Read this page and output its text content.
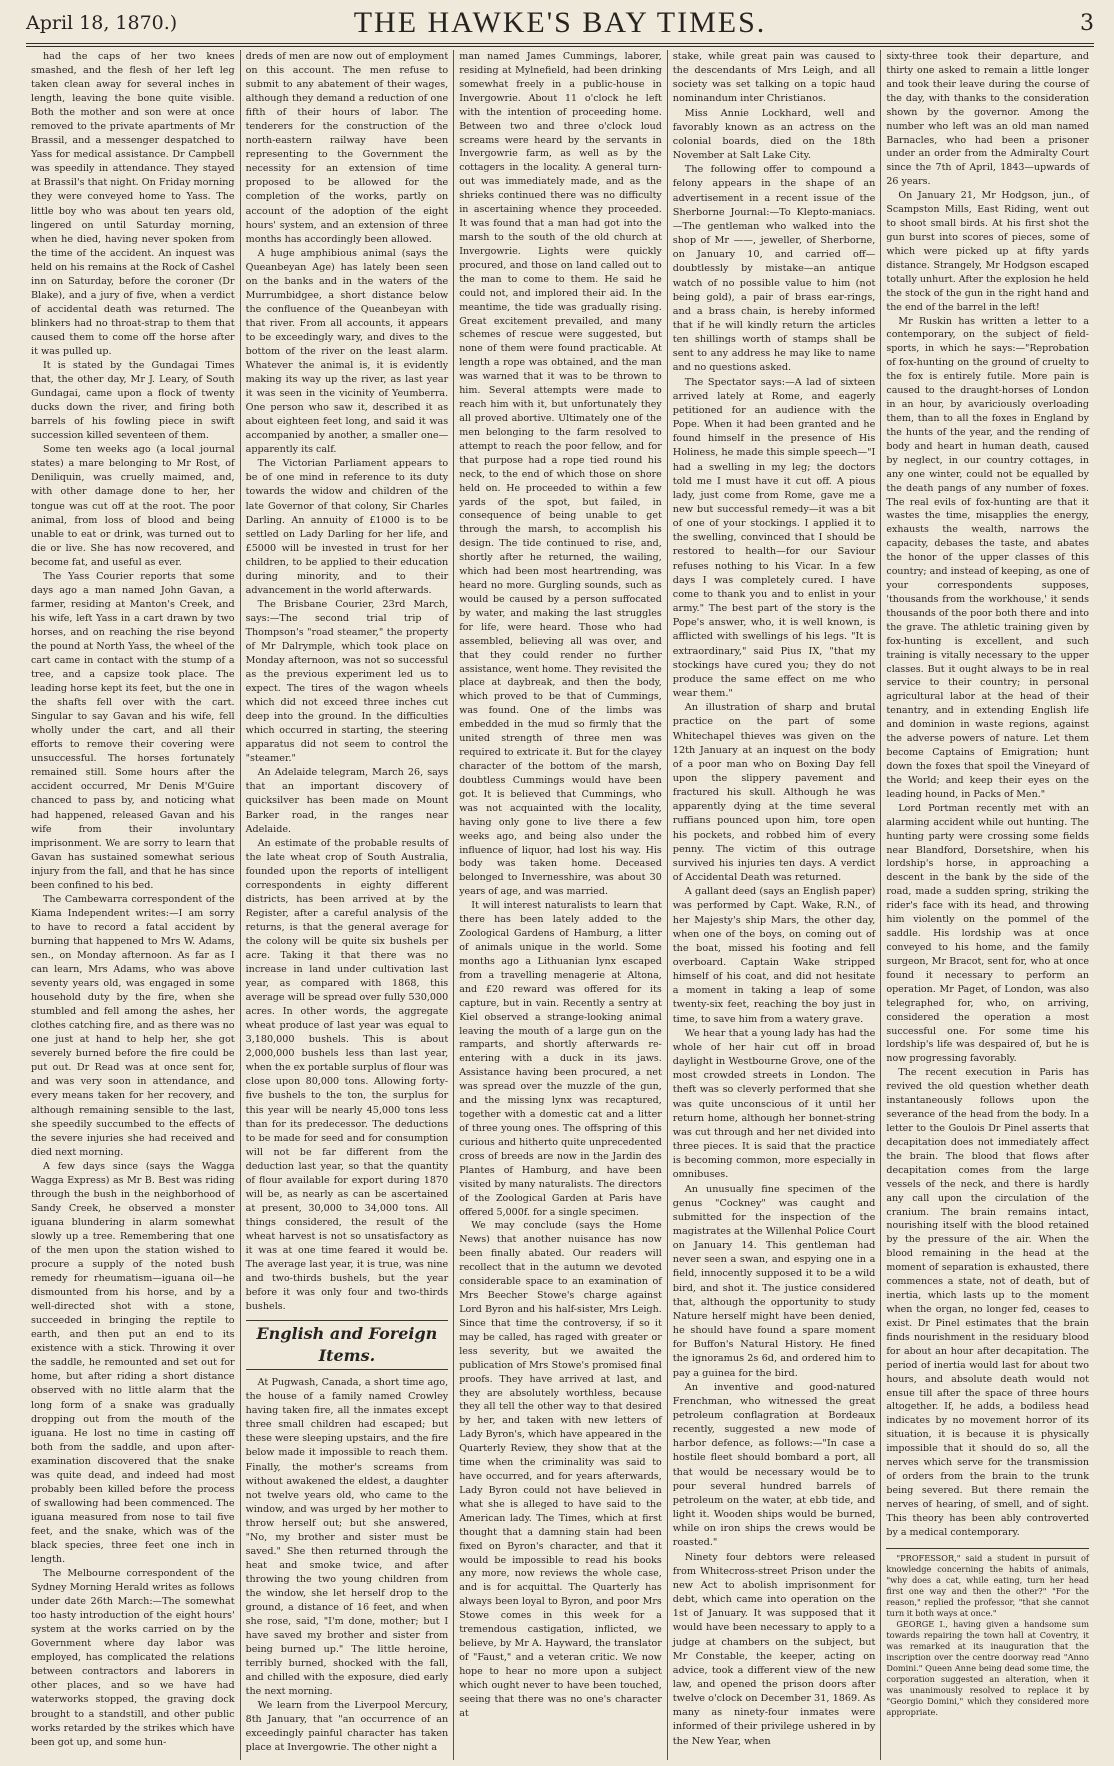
April 18, 1870.)	THE HAWKE'S BAY TIMES.	3

had the caps of her two knees smashed, and the flesh of her left leg taken clean away for several inches in length, leaving the bone quite visible. Both the mother and son were at once removed to the private apartments of Mr Brassil, and a messenger despatched to Yass for medical assistance. Dr Campbell was speedily in attendance. They stayed at Brassil's that night. On Friday morning they were conveyed home to Yass. The little boy who was about ten years old, lingered on until Saturday morning, when he died, having never spoken from the time of the accident. An inquest was held on his remains at the Rock of Cashel inn on Saturday, before the coroner (Dr Blake), and a jury of five, when a verdict of accidental death was returned. The blinkers had no throat-strap to them that caused them to come off the horse after it was pulled up.

It is stated by the Gundagai Times that, the other day, Mr J. Leary, of South Gundagai, came upon a flock of twenty ducks down the river, and firing both barrels of his fowling piece in swift succession killed seventeen of them.

Some ten weeks ago (a local journal states) a mare belonging to Mr Rost, of Deniliquin, was cruelly maimed, and, with other damage done to her, her tongue was cut off at the root. The poor animal, from loss of blood and being unable to eat or drink, was turned out to die or live. She has now recovered, and become fat, and useful as ever.

The Yass Courier reports that some days ago a man named John Gavan, a farmer, residing at Manton's Creek, and his wife, left Yass in a cart drawn by two horses, and on reaching the rise beyond the pound at North Yass, the wheel of the cart came in contact with the stump of a tree, and a capsize took place. The leading horse kept its feet, but the one in the shafts fell over with the cart. Singular to say Gavan and his wife, fell wholly under the cart, and all their efforts to remove their covering were unsuccessful. The horses fortunately remained still. Some hours after the accident occurred, Mr Denis M'Guire chanced to pass by, and noticing what had happened, released Gavan and his wife from their involuntary imprisonment. We are sorry to learn that Gavan has sustained somewhat serious injury from the fall, and that he has since been confined to his bed.

The Cambewarra correspondent of the Kiama Independent writes:—I am sorry to have to record a fatal accident by burning that happened to Mrs W. Adams, sen., on Monday afternoon. As far as I can learn, Mrs Adams, who was above seventy years old, was engaged in some household duty by the fire, when she stumbled and fell among the ashes, her clothes catching fire, and as there was no one just at hand to help her, she got severely burned before the fire could be put out. Dr Read was at once sent for, and was very soon in attendance, and every means taken for her recovery, and although remaining sensible to the last, she speedily succumbed to the effects of the severe injuries she had received and died next morning.

A few days since (says the Wagga Wagga Express) as Mr B. Best was riding through the bush in the neighborhood of Sandy Creek, he observed a monster iguana blundering in alarm somewhat slowly up a tree. Remembering that one of the men upon the station wished to procure a supply of the noted bush remedy for rheumatism—iguana oil—he dismounted from his horse, and by a well-directed shot with a stone, succeeded in bringing the reptile to earth, and then put an end to its existence with a stick. Throwing it over the saddle, he remounted and set out for home, but after riding a short distance observed with no little alarm that the long form of a snake was gradually dropping out from the mouth of the iguana. He lost no time in casting off both from the saddle, and upon after-examination discovered that the snake was quite dead, and indeed had most probably been killed before the process of swallowing had been commenced. The iguana measured from nose to tail five feet, and the snake, which was of the black species, three feet one inch in length.

The Melbourne correspondent of the Sydney Morning Herald writes as follows under date 26th March:—The somewhat too hasty introduction of the eight hours' system at the works carried on by the Government where day labor was employed, has complicated the relations between contractors and laborers in other places, and so we have had waterworks stopped, the graving dock brought to a standstill, and other public works retarded by the strikes which have been got up, and some hun-

dreds of men are now out of employment on this account. The men refuse to submit to any abatement of their wages, although they demand a reduction of one fifth of their hours of labor. The tenderers for the construction of the north-eastern railway have been representing to the Government the necessity for an extension of time proposed to be allowed for the completion of the works, partly on account of the adoption of the eight hours' system, and an extension of three months has accordingly been allowed.

A huge amphibious animal (says the Queanbeyan Age) has lately been seen on the banks and in the waters of the Murrumbidgee, a short distance below the confluence of the Queanbeyan with that river. From all accounts, it appears to be exceedingly wary, and dives to the bottom of the river on the least alarm. Whatever the animal is, it is evidently making its way up the river, as last year it was seen in the vicinity of Yeumberra. One person who saw it, described it as about eighteen feet long, and said it was accompanied by another, a smaller one—apparently its calf.

The Victorian Parliament appears to be of one mind in reference to its duty towards the widow and children of the late Governor of that colony, Sir Charles Darling. An annuity of £1000 is to be settled on Lady Darling for her life, and £5000 will be invested in trust for her children, to be applied to their education during minority, and to their advancement in the world afterwards.

The Brisbane Courier, 23rd March, says:—The second trial trip of Thompson's "road steamer," the property of Mr Dalrymple, which took place on Monday afternoon, was not so successful as the previous experiment led us to expect. The tires of the wagon wheels which did not exceed three inches cut deep into the ground. In the difficulties which occurred in starting, the steering apparatus did not seem to control the "steamer."

An Adelaide telegram, March 26, says that an important discovery of quicksilver has been made on Mount Barker road, in the ranges near Adelaide.

An estimate of the probable results of the late wheat crop of South Australia, founded upon the reports of intelligent correspondents in eighty different districts, has been arrived at by the Register, after a careful analysis of the returns, is that the general average for the colony will be quite six bushels per acre. Taking it that there was no increase in land under cultivation last year, as compared with 1868, this average will be spread over fully 530,000 acres. In other words, the aggregate wheat produce of last year was equal to 3,180,000 bushels. This is about 2,000,000 bushels less than last year, when the ex portable surplus of flour was close upon 80,000 tons. Allowing forty-five bushels to the ton, the surplus for this year will be nearly 45,000 tons less than for its predecessor. The deductions to be made for seed and for consumption will not be far different from the deduction last year, so that the quantity of flour available for export during 1870 will be, as nearly as can be ascertained at present, 30,000 to 34,000 tons. All things considered, the result of the wheat harvest is not so unsatisfactory as it was at one time feared it would be. The average last year, it is true, was nine and two-thirds bushels, but the year before it was only four and two-thirds bushels.

English and Foreign Items.

At Pugwash, Canada, a short time ago, the house of a family named Crowley having taken fire, all the inmates except three small children had escaped; but these were sleeping upstairs, and the fire below made it impossible to reach them. Finally, the mother's screams from without awakened the eldest, a daughter not twelve years old, who came to the window, and was urged by her mother to throw herself out; but she answered, "No, my brother and sister must be saved." She then returned through the heat and smoke twice, and after throwing the two young children from the window, she let herself drop to the ground, a distance of 16 feet, and when she rose, said, "I'm done, mother; but I have saved my brother and sister from being burned up." The little heroine, terribly burned, shocked with the fall, and chilled with the exposure, died early the next morning.

We learn from the Liverpool Mercury, 8th January, that "an occurrence of an exceedingly painful character has taken place at Invergowrie. The other night a

man named James Cummings, laborer, residing at Mylnefield, had been drinking somewhat freely in a public-house in Invergowrie. About 11 o'clock he left with the intention of proceeding home. Between two and three o'clock loud screams were heard by the servants in Invergowrie farm, as well as by the cottagers in the locality. A general turn-out was immediately made, and as the shrieks continued there was no difficulty in ascertaining whence they proceeded. It was found that a man had got into the marsh to the south of the old church at Invergowrie. Lights were quickly procured, and those on land called out to the man to come to them. He said he could not, and implored their aid. In the meantime, the tide was gradually rising. Great excitement prevailed, and many schemes of rescue were suggested, but none of them were found practicable. At length a rope was obtained, and the man was warned that it was to be thrown to him. Several attempts were made to reach him with it, but unfortunately they all proved abortive. Ultimately one of the men belonging to the farm resolved to attempt to reach the poor fellow, and for that purpose had a rope tied round his neck, to the end of which those on shore held on. He proceeded to within a few yards of the spot, but failed, in consequence of being unable to get through the marsh, to accomplish his design. The tide continued to rise, and, shortly after he returned, the wailing, which had been most heartrending, was heard no more. Gurgling sounds, such as would be caused by a person suffocated by water, and making the last struggles for life, were heard. Those who had assembled, believing all was over, and that they could render no further assistance, went home. They revisited the place at daybreak, and then the body, which proved to be that of Cummings, was found. One of the limbs was embedded in the mud so firmly that the united strength of three men was required to extricate it. But for the clayey character of the bottom of the marsh, doubtless Cummings would have been got. It is believed that Cummings, who was not acquainted with the locality, having only gone to live there a few weeks ago, and being also under the influence of liquor, had lost his way. His body was taken home. Deceased belonged to Invernesshire, was about 30 years of age, and was married.

It will interest naturalists to learn that there has been lately added to the Zoological Gardens of Hamburg, a litter of animals unique in the world. Some months ago a Lithuanian lynx escaped from a travelling menagerie at Altona, and £20 reward was offered for its capture, but in vain. Recently a sentry at Kiel observed a strange-looking animal leaving the mouth of a large gun on the ramparts, and shortly afterwards re-entering with a duck in its jaws. Assistance having been procured, a net was spread over the muzzle of the gun, and the missing lynx was recaptured, together with a domestic cat and a litter of three young ones. The offspring of this curious and hitherto quite unprecedented cross of breeds are now in the Jardin des Plantes of Hamburg, and have been visited by many naturalists. The directors of the Zoological Garden at Paris have offered 5,000f. for a single specimen.

We may conclude (says the Home News) that another nuisance has now been finally abated. Our readers will recollect that in the autumn we devoted considerable space to an examination of Mrs Beecher Stowe's charge against Lord Byron and his half-sister, Mrs Leigh. Since that time the controversy, if so it may be called, has raged with greater or less severity, but we awaited the publication of Mrs Stowe's promised final proofs. They have arrived at last, and they are absolutely worthless, because they all tell the other way to that desired by her, and taken with new letters of Lady Byron's, which have appeared in the Quarterly Review, they show that at the time when the criminality was said to have occurred, and for years afterwards, Lady Byron could not have believed in what she is alleged to have said to the American lady. The Times, which at first thought that a damning stain had been fixed on Byron's character, and that it would be impossible to read his books any more, now reviews the whole case, and is for acquittal. The Quarterly has always been loyal to Byron, and poor Mrs Stowe comes in this week for a tremendous castigation, inflicted, we believe, by Mr A. Hayward, the translator of "Faust," and a veteran critic. We now hope to hear no more upon a subject which ought never to have been touched, seeing that there was no one's character at

stake, while great pain was caused to the descendants of Mrs Leigh, and all society was set talking on a topic haud nominandum inter Christianos.

Miss Annie Lockhard, well and favorably known as an actress on the colonial boards, died on the 18th November at Salt Lake City.

The following offer to compound a felony appears in the shape of an advertisement in a recent issue of the Sherborne Journal:—To Klepto-maniacs.—The gentleman who walked into the shop of Mr ——, jeweller, of Sherborne, on January 10, and carried off—doubtlessly by mistake—an antique watch of no possible value to him (not being gold), a pair of brass ear-rings, and a brass chain, is hereby informed that if he will kindly return the articles ten shillings worth of stamps shall be sent to any address he may like to name and no questions asked.

The Spectator says:—A lad of sixteen arrived lately at Rome, and eagerly petitioned for an audience with the Pope. When it had been granted and he found himself in the presence of His Holiness, he made this simple speech—"I had a swelling in my leg; the doctors told me I must have it cut off. A pious lady, just come from Rome, gave me a new but successful remedy—it was a bit of one of your stockings. I applied it to the swelling, convinced that I should be restored to health—for our Saviour refuses nothing to his Vicar. In a few days I was completely cured. I have come to thank you and to enlist in your army." The best part of the story is the Pope's answer, who, it is well known, is afflicted with swellings of his legs. "It is extraordinary," said Pius IX, "that my stockings have cured you; they do not produce the same effect on me who wear them."

An illustration of sharp and brutal practice on the part of some Whitechapel thieves was given on the 12th January at an inquest on the body of a poor man who on Boxing Day fell upon the slippery pavement and fractured his skull. Although he was apparently dying at the time several ruffians pounced upon him, tore open his pockets, and robbed him of every penny. The victim of this outrage survived his injuries ten days. A verdict of Accidental Death was returned.

A gallant deed (says an English paper) was performed by Capt. Wake, R.N., of her Majesty's ship Mars, the other day, when one of the boys, on coming out of the boat, missed his footing and fell overboard. Captain Wake stripped himself of his coat, and did not hesitate a moment in taking a leap of some twenty-six feet, reaching the boy just in time, to save him from a watery grave.

We hear that a young lady has had the whole of her hair cut off in broad daylight in Westbourne Grove, one of the most crowded streets in London. The theft was so cleverly performed that she was quite unconscious of it until her return home, although her bonnet-string was cut through and her net divided into three pieces. It is said that the practice is becoming common, more especially in omnibuses.

An unusually fine specimen of the genus "Cockney" was caught and submitted for the inspection of the magistrates at the Willenhal Police Court on January 14. This gentleman had never seen a swan, and espying one in a field, innocently supposed it to be a wild bird, and shot it. The justice considered that, although the opportunity to study Nature herself might have been denied, he should have found a spare moment for Buffon's Natural History. He fined the ignoramus 2s 6d, and ordered him to pay a guinea for the bird.

An inventive and good-natured Frenchman, who witnessed the great petroleum conflagration at Bordeaux recently, suggested a new mode of harbor defence, as follows:—"In case a hostile fleet should bombard a port, all that would be necessary would be to pour several hundred barrels of petroleum on the water, at ebb tide, and light it. Wooden ships would be burned, while on iron ships the crews would be roasted."

Ninety four debtors were released from Whitecross-street Prison under the new Act to abolish imprisonment for debt, which came into operation on the 1st of January. It was supposed that it would have been necessary to apply to a judge at chambers on the subject, but Mr Constable, the keeper, acting on advice, took a different view of the new law, and opened the prison doors after twelve o'clock on December 31, 1869. As many as ninety-four inmates were informed of their privilege ushered in by the New Year, when

sixty-three took their departure, and thirty one asked to remain a little longer and took their leave during the course of the day, with thanks to the consideration shown by the governor. Among the number who left was an old man named Barnacles, who had been a prisoner under an order from the Admiralty Court since the 7th of April, 1843—upwards of 26 years.

On January 21, Mr Hodgson, jun., of Scampston Mills, East Riding, went out to shoot small birds. At his first shot the gun burst into scores of pieces, some of which were picked up at fifty yards distance. Strangely, Mr Hodgson escaped totally unhurt. After the explosion he held the stock of the gun in the right hand and the end of the barrel in the left!

Mr Ruskin has written a letter to a contemporary, on the subject of field-sports, in which he says:—"Reprobation of fox-hunting on the ground of cruelty to the fox is entirely futile. More pain is caused to the draught-horses of London in an hour, by avariciously overloading them, than to all the foxes in England by the hunts of the year, and the rending of body and heart in human death, caused by neglect, in our country cottages, in any one winter, could not be equalled by the death pangs of any number of foxes. The real evils of fox-hunting are that it wastes the time, misapplies the energy, exhausts the wealth, narrows the capacity, debases the taste, and abates the honor of the upper classes of this country; and instead of keeping, as one of your correspondents supposes, 'thousands from the workhouse,' it sends thousands of the poor both there and into the grave. The athletic training given by fox-hunting is excellent, and such training is vitally necessary to the upper classes. But it ought always to be in real service to their country; in personal agricultural labor at the head of their tenantry, and in extending English life and dominion in waste regions, against the adverse powers of nature. Let them become Captains of Emigration; hunt down the foxes that spoil the Vineyard of the World; and keep their eyes on the leading hound, in Packs of Men."

Lord Portman recently met with an alarming accident while out hunting. The hunting party were crossing some fields near Blandford, Dorsetshire, when his lordship's horse, in approaching a descent in the bank by the side of the road, made a sudden spring, striking the rider's face with its head, and throwing him violently on the pommel of the saddle. His lordship was at once conveyed to his home, and the family surgeon, Mr Bracot, sent for, who at once found it necessary to perform an operation. Mr Paget, of London, was also telegraphed for, who, on arriving, considered the operation a most successful one. For some time his lordship's life was despaired of, but he is now progressing favorably.

The recent execution in Paris has revived the old question whether death instantaneously follows upon the severance of the head from the body. In a letter to the Goulois Dr Pinel asserts that decapitation does not immediately affect the brain. The blood that flows after decapitation comes from the large vessels of the neck, and there is hardly any call upon the circulation of the cranium. The brain remains intact, nourishing itself with the blood retained by the pressure of the air. When the blood remaining in the head at the moment of separation is exhausted, there commences a state, not of death, but of inertia, which lasts up to the moment when the organ, no longer fed, ceases to exist. Dr Pinel estimates that the brain finds nourishment in the residuary blood for about an hour after decapitation. The period of inertia would last for about two hours, and absolute death would not ensue till after the space of three hours altogether. If, he adds, a bodiless head indicates by no movement horror of its situation, it is because it is physically impossible that it should do so, all the nerves which serve for the transmission of orders from the brain to the trunk being severed. But there remain the nerves of hearing, of smell, and of sight. This theory has been ably controverted by a medical contemporary.

"PROFESSOR," said a student in pursuit of knowledge concerning the habits of animals, "why does a cat, while eating, turn her head first one way and then the other?" "For the reason," replied the professor, "that she cannot turn it both ways at once."

GEORGE I., having given a handsome sum towards repairing the town hall at Coventry, it was remarked at its inauguration that the inscription over the centre doorway read "Anno Domini." Queen Anne being dead some time, the corporation suggested an alteration, when it was unanimously resolved to replace it by "Georgio Domini," which they considered more appropriate.
